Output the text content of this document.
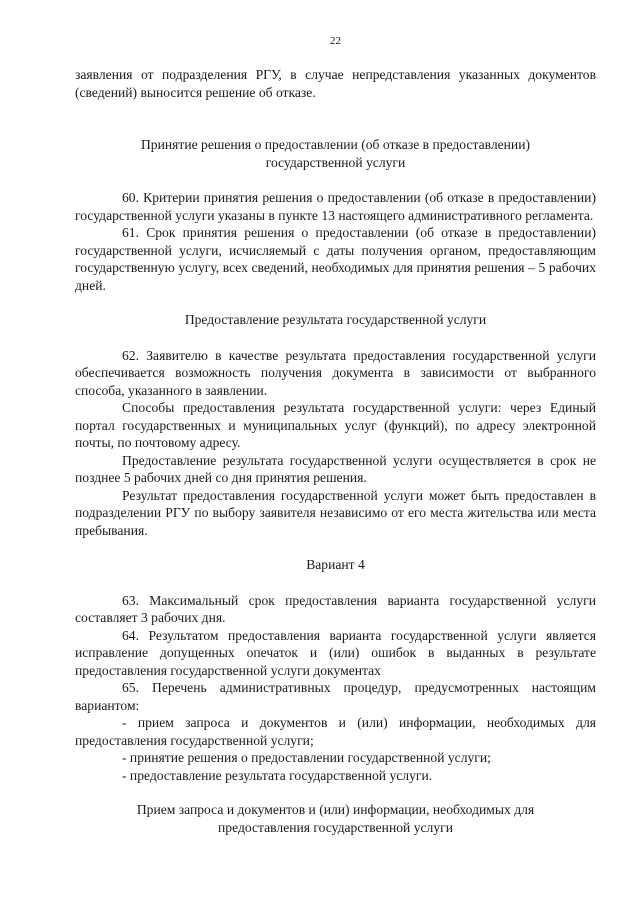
22

заявления от подразделения РГУ, в случае непредставления указанных документов (сведений) выносится решение об отказе.

Принятие решения о предоставлении (об отказе в предоставлении)

государственной услуги

60. Критерии принятия решения о предоставлении (об отказе в предоставлении) государственной услуги указаны в пункте 13 настоящего административного регламента.

61. Срок принятия решения о предоставлении (об отказе в предоставлении) государственной услуги, исчисляемый с даты получения органом, предоставляющим государственную услугу, всех сведений, необходимых для принятия решения – 5 рабочих дней.

Предоставление результата государственной услуги

62. Заявителю в качестве результата предоставления государственной услуги обеспечивается возможность получения документа в зависимости от выбранного способа, указанного в заявлении.

Способы предоставления результата государственной услуги: через Единый портал государственных и муниципальных услуг (функций), по адресу электронной почты, по почтовому адресу.

Предоставление результата государственной услуги осуществляется в срок не позднее 5 рабочих дней со дня принятия решения.

Результат предоставления государственной услуги может быть предоставлен в подразделении РГУ по выбору заявителя независимо от его места жительства или места пребывания.

Вариант 4

63. Максимальный срок предоставления варианта государственной услуги составляет 3 рабочих дня.

64. Результатом предоставления варианта государственной услуги является исправление допущенных опечаток и (или) ошибок в выданных в результате предоставления государственной услуги документах

65. Перечень административных процедур, предусмотренных настоящим вариантом:

- прием запроса и документов и (или) информации, необходимых для предоставления государственной услуги;

- принятие решения о предоставлении государственной услуги;

- предоставление результата государственной услуги.

Прием запроса и документов и (или) информации, необходимых для

предоставления государственной услуги
